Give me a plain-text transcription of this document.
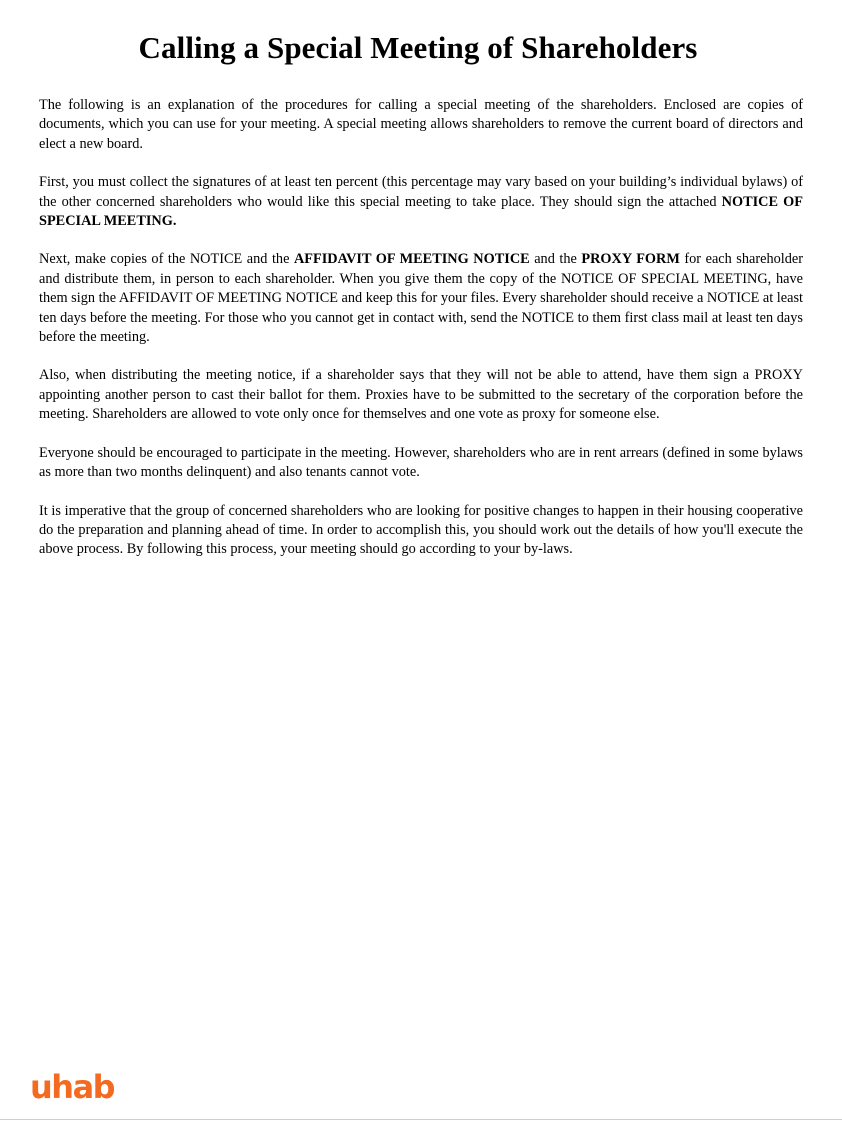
Calling a Special Meeting of Shareholders

The following is an explanation of the procedures for calling a special meeting of the shareholders. Enclosed are copies of documents, which you can use for your meeting. A special meeting allows shareholders to remove the current board of directors and elect a new board.

First, you must collect the signatures of at least ten percent (this percentage may vary based on your building’s individual bylaws) of the other concerned shareholders who would like this special meeting to take place. They should sign the attached NOTICE OF SPECIAL MEETING.

Next, make copies of the NOTICE and the AFFIDAVIT OF MEETING NOTICE and the PROXY FORM for each shareholder and distribute them, in person to each shareholder. When you give them the copy of the NOTICE OF SPECIAL MEETING, have them sign the AFFIDAVIT OF MEETING NOTICE and keep this for your files. Every shareholder should receive a NOTICE at least ten days before the meeting. For those who you cannot get in contact with, send the NOTICE to them first class mail at least ten days before the meeting.

Also, when distributing the meeting notice, if a shareholder says that they will not be able to attend, have them sign a PROXY appointing another person to cast their ballot for them. Proxies have to be submitted to the secretary of the corporation before the meeting. Shareholders are allowed to vote only once for themselves and one vote as proxy for someone else.

Everyone should be encouraged to participate in the meeting. However, shareholders who are in rent arrears (defined in some bylaws as more than two months delinquent) and also tenants cannot vote.

It is imperative that the group of concerned shareholders who are looking for positive changes to happen in their housing cooperative do the preparation and planning ahead of time. In order to accomplish this, you should work out the details of how you'll execute the above process. By following this process, your meeting should go according to your by-laws.

uhab
